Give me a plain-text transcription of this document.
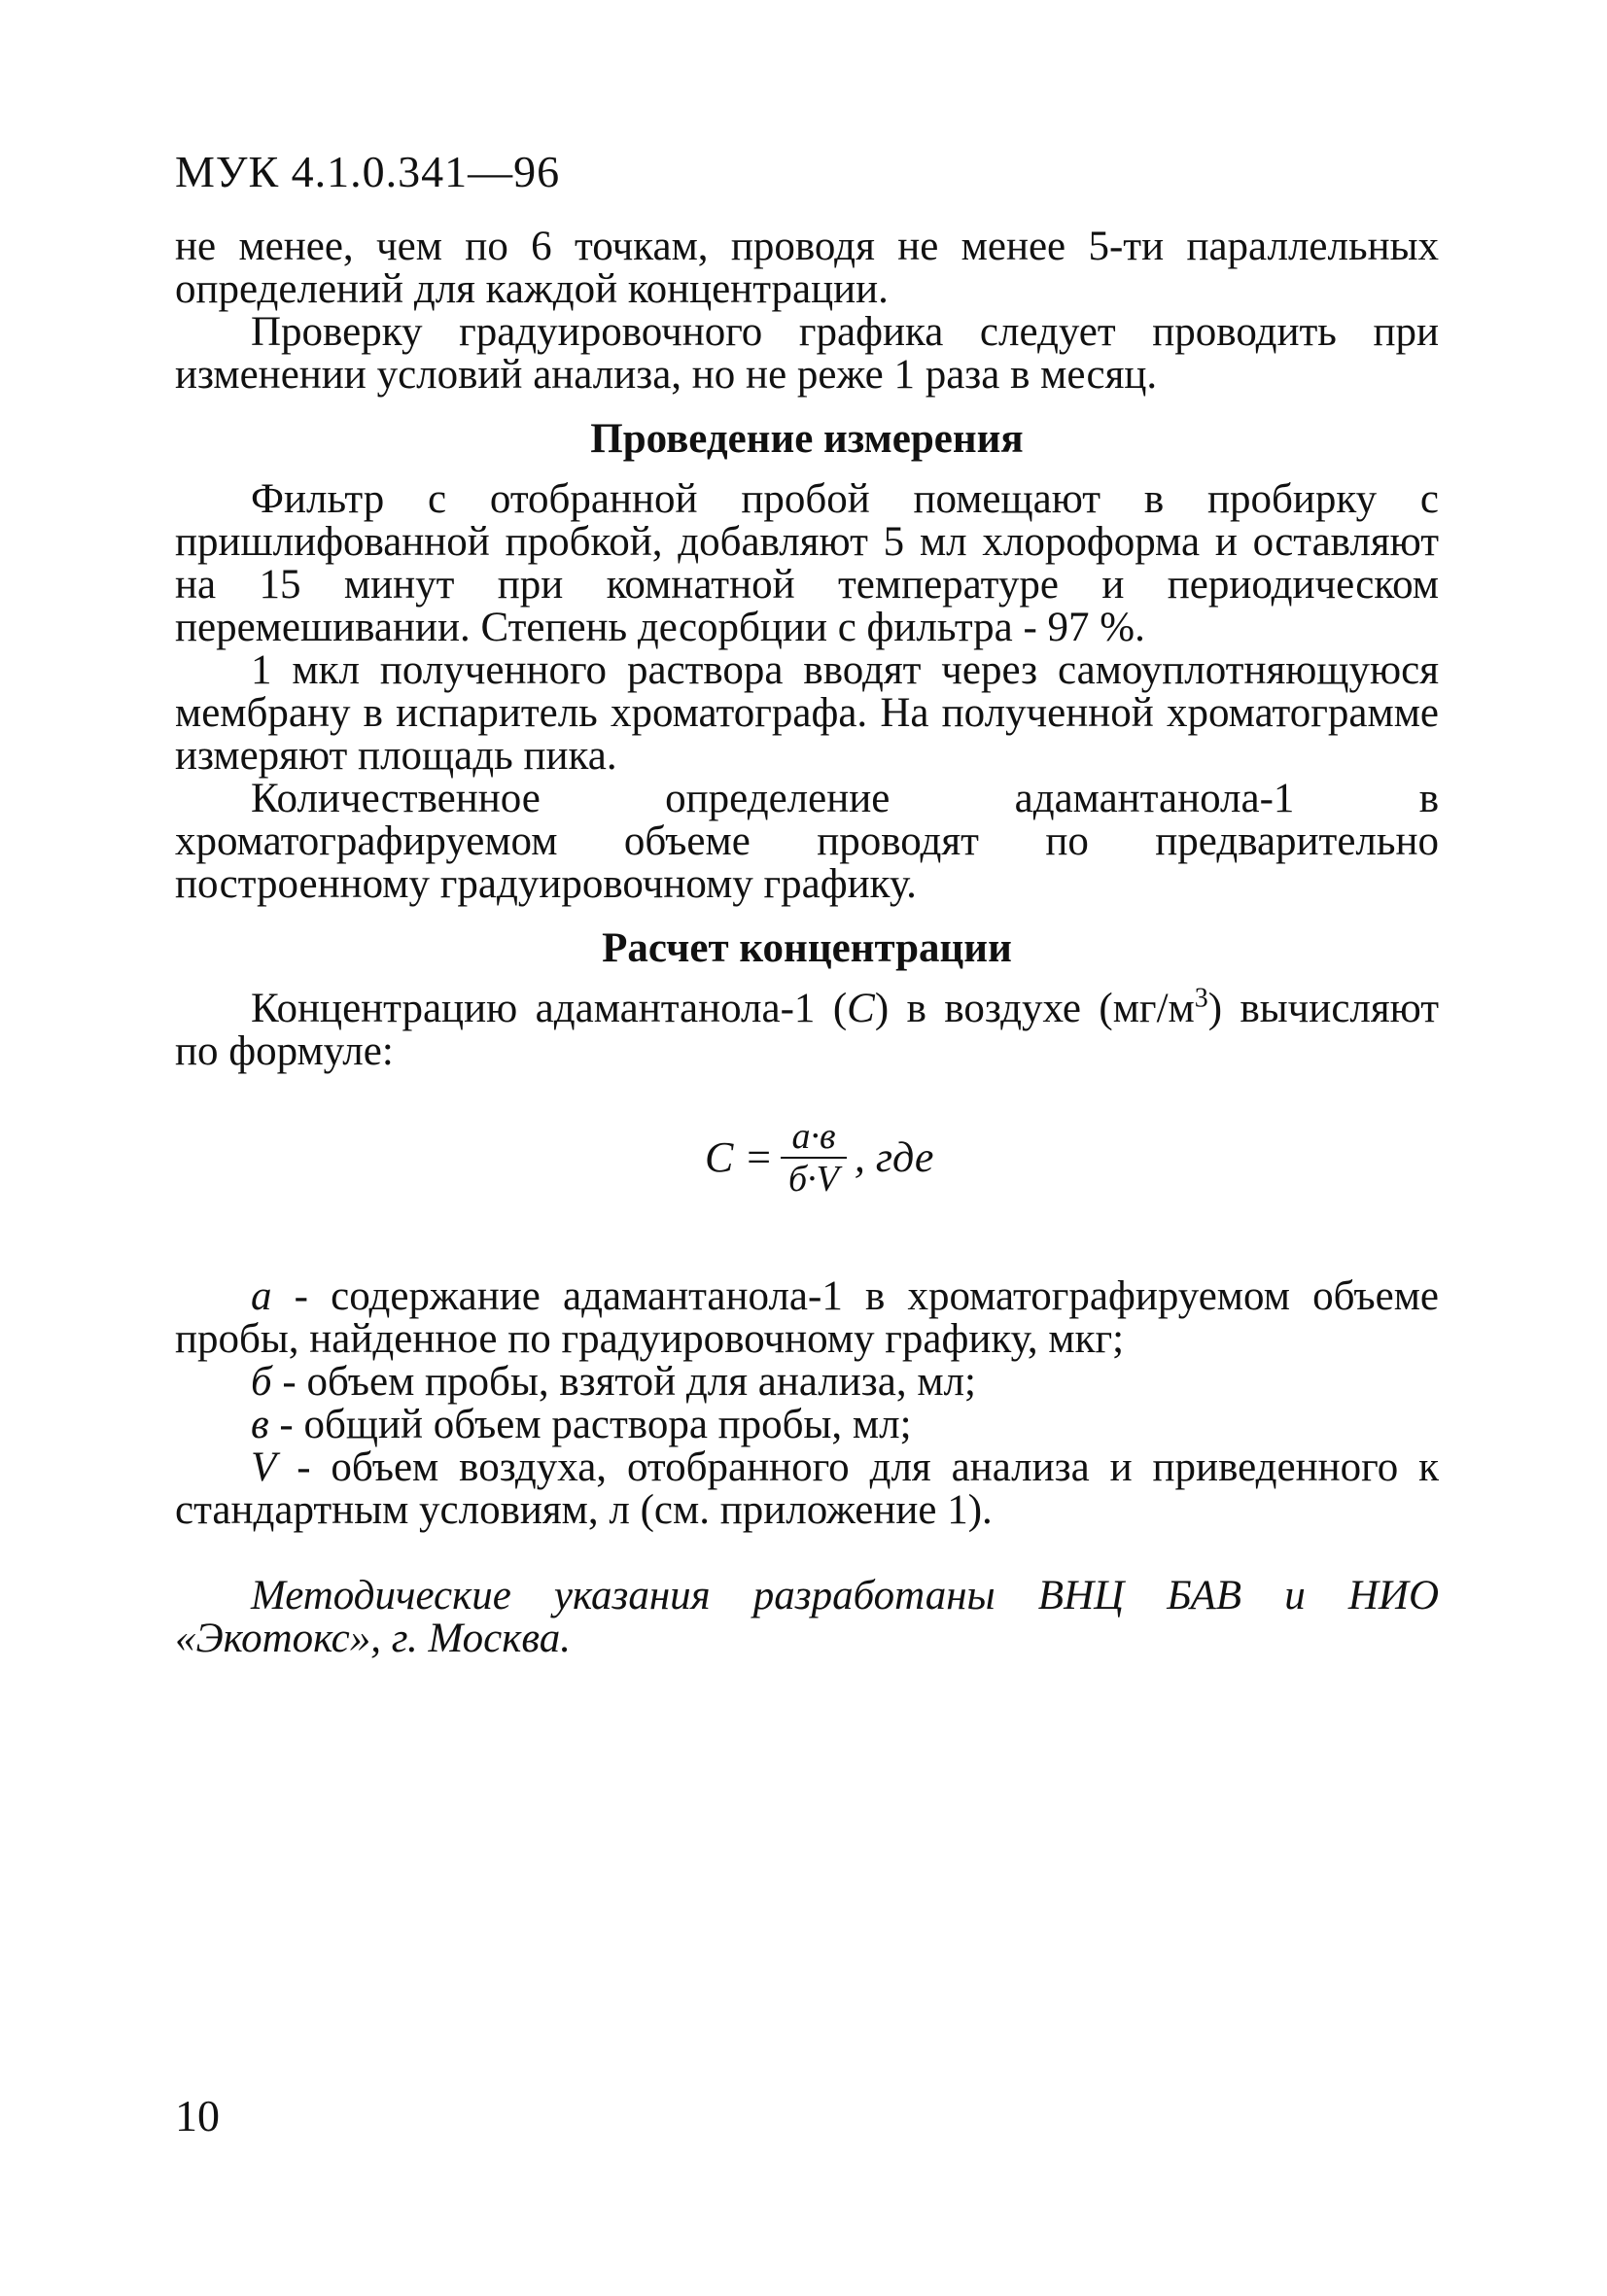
МУК 4.1.0.341—96

не менее, чем по 6 точкам, проводя не менее 5-ти параллельных определений для каждой концентрации.

Проверку градуировочного графика следует проводить при изменении условий анализа, но не реже 1 раза в месяц.

Проведение измерения

Фильтр с отобранной пробой помещают в пробирку с пришлифованной пробкой, добавляют 5 мл хлороформа и оставляют на 15 минут при комнатной температуре и периодическом перемешивании. Степень десорбции с фильтра - 97 %.

1 мкл полученного раствора вводят через самоуплотняющуюся мембрану в испаритель хроматографа. На полученной хроматограмме измеряют площадь пика.

Количественное определение адамантанола-1 в хроматографируемом объеме проводят по предварительно построенному градуировочному графику.

Расчет концентрации

Концентрацию адамантанола-1 (С) в воздухе $(мг/м^3)$ вычисляют по формуле:

$С = \frac{а\cdot в}{б\cdot V}$ , где

а - содержание адамантанола-1 в хроматографируемом объеме пробы, найденное по градуировочному графику, мкг;

б - объем пробы, взятой для анализа, мл;

в - общий объем раствора пробы, мл;

V - объем воздуха, отобранного для анализа и приведенного к стандартным условиям, л (см. приложение 1).

Методические указания разработаны ВНЦ БАВ и НИО «Экотокс», г. Москва.

10
